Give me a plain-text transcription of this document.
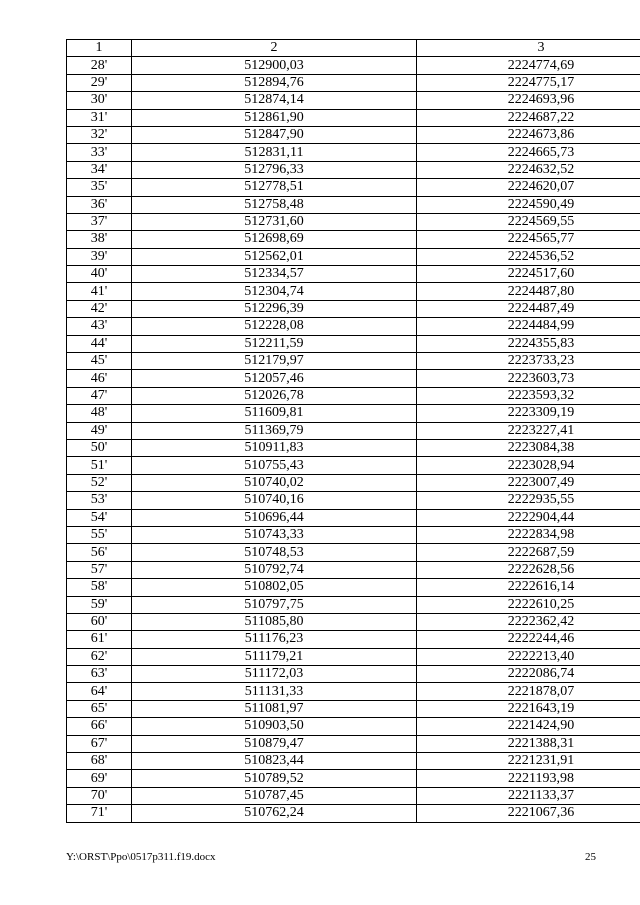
1	2	3
28'	512900,03	2224774,69
29'	512894,76	2224775,17
30'	512874,14	2224693,96
31'	512861,90	2224687,22
32'	512847,90	2224673,86
33'	512831,11	2224665,73
34'	512796,33	2224632,52
35'	512778,51	2224620,07
36'	512758,48	2224590,49
37'	512731,60	2224569,55
38'	512698,69	2224565,77
39'	512562,01	2224536,52
40'	512334,57	2224517,60
41'	512304,74	2224487,80
42'	512296,39	2224487,49
43'	512228,08	2224484,99
44'	512211,59	2224355,83
45'	512179,97	2223733,23
46'	512057,46	2223603,73
47'	512026,78	2223593,32
48'	511609,81	2223309,19
49'	511369,79	2223227,41
50'	510911,83	2223084,38
51'	510755,43	2223028,94
52'	510740,02	2223007,49
53'	510740,16	2222935,55
54'	510696,44	2222904,44
55'	510743,33	2222834,98
56'	510748,53	2222687,59
57'	510792,74	2222628,56
58'	510802,05	2222616,14
59'	510797,75	2222610,25
60'	511085,80	2222362,42
61'	511176,23	2222244,46
62'	511179,21	2222213,40
63'	511172,03	2222086,74
64'	511131,33	2221878,07
65'	511081,97	2221643,19
66'	510903,50	2221424,90
67'	510879,47	2221388,31
68'	510823,44	2221231,91
69'	510789,52	2221193,98
70'	510787,45	2221133,37
71'	510762,24	2221067,36
Y:\ORST\Ppo\0517p311.f19.docx	25
